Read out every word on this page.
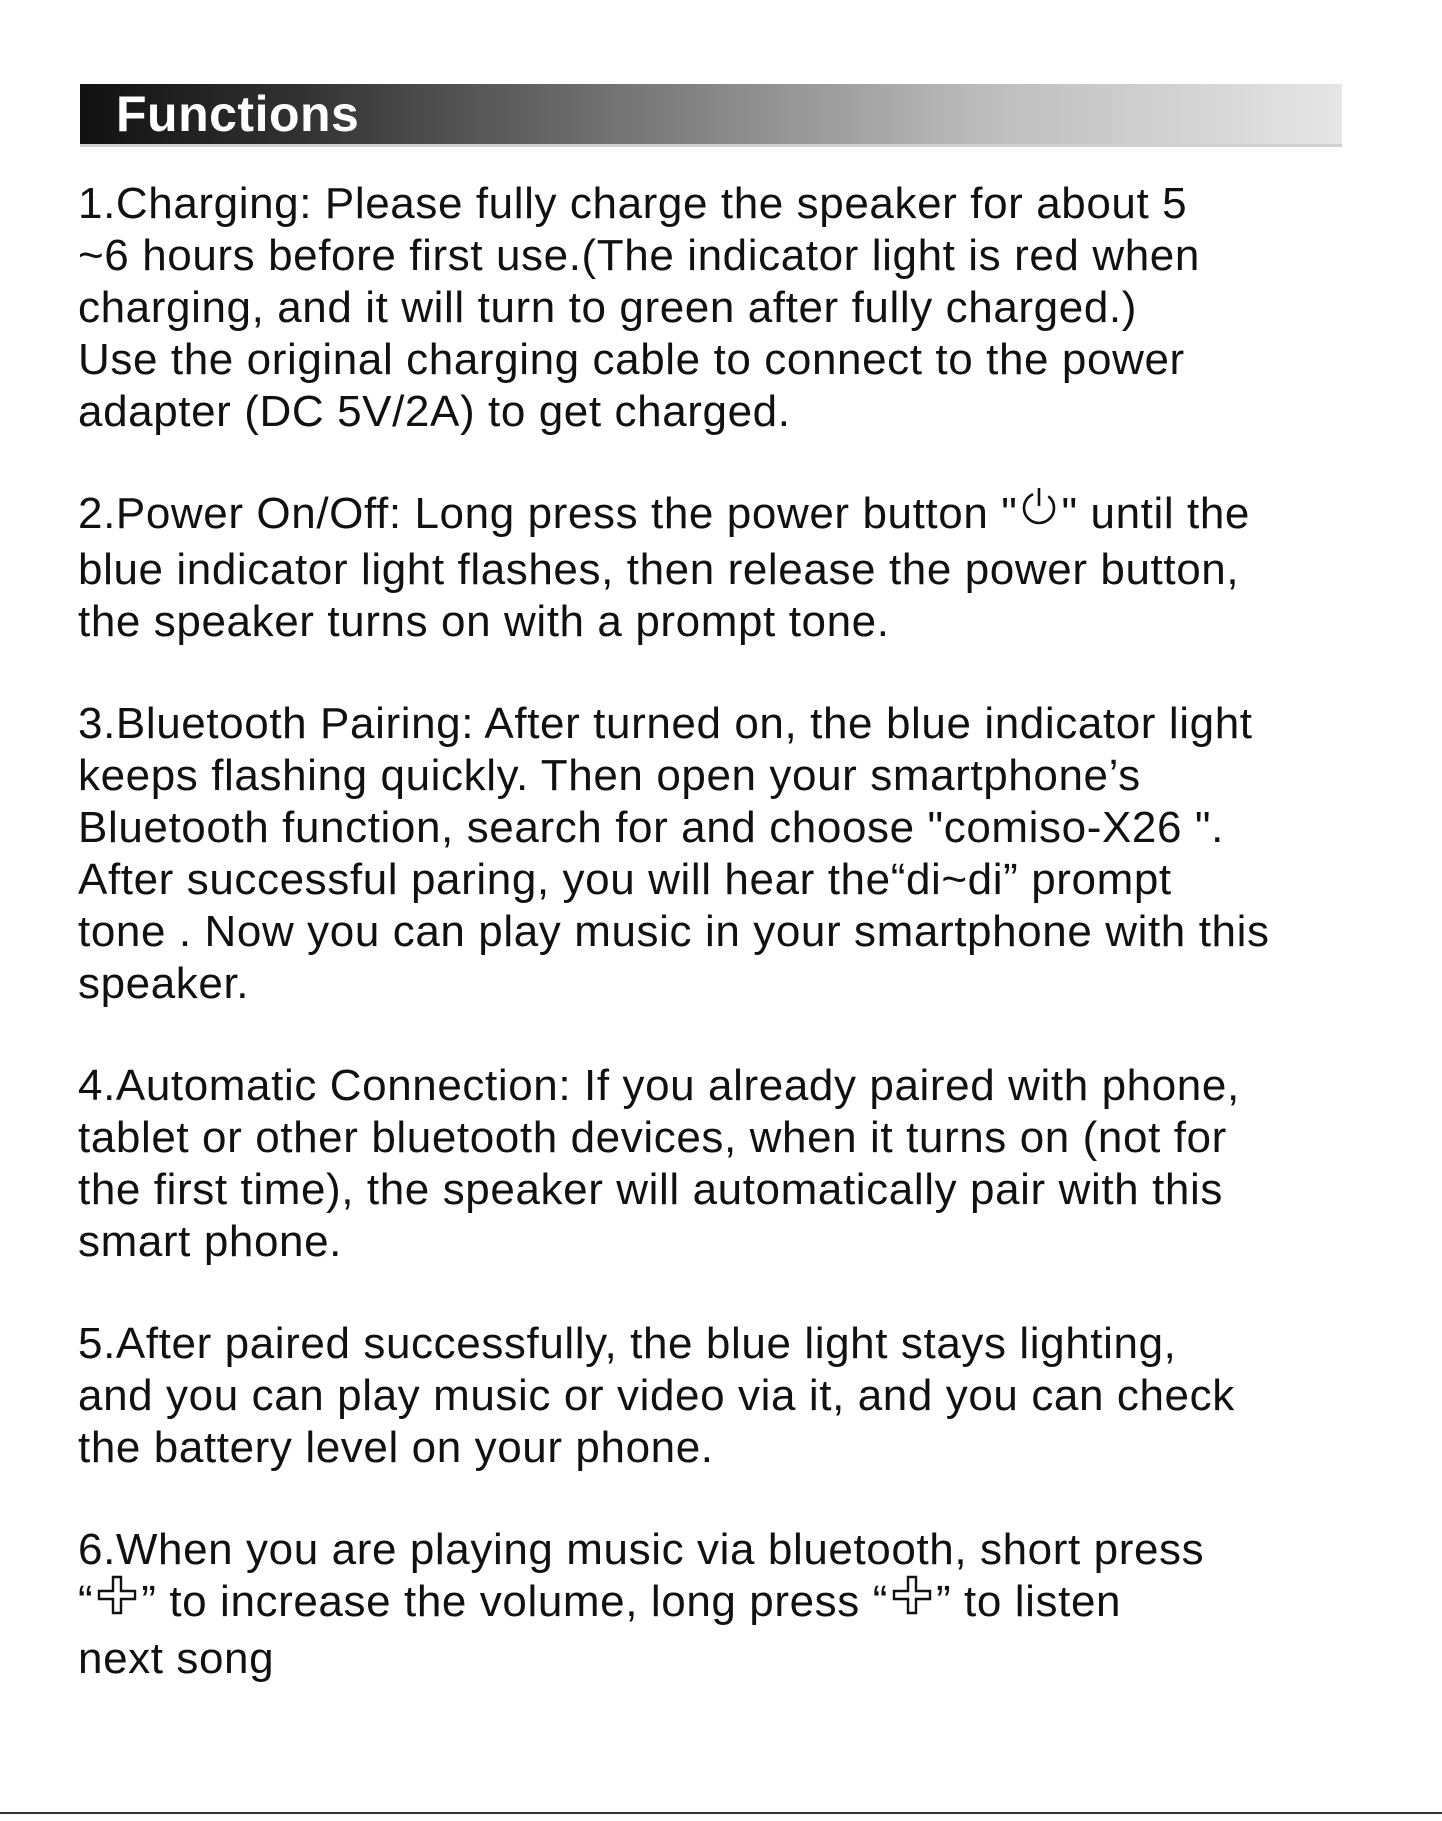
Functions
1.Charging: Please fully charge the speaker for about 5
~6 hours before first use.(The indicator light is red when
charging, and it will turn to green after fully charged.)
Use the original charging cable to connect to the power
adapter (DC 5V/2A) to get charged.
2.Power On/Off: Long press the power button " " until the
blue indicator light flashes, then release the power button,
the speaker turns on with a prompt tone.
3.Bluetooth Pairing: After turned on, the blue indicator light
keeps flashing quickly. Then open your smartphone’s
Bluetooth function, search for and choose "comiso-X26 ".
After successful paring, you will hear the“di~di” prompt
tone . Now you can play music in your smartphone with this
speaker.
4.Automatic Connection: If you already paired with phone,
tablet or other bluetooth devices, when it turns on (not for
the first time), the speaker will automatically pair with this
smart phone.
5.After paired successfully, the blue light stays lighting,
and you can play music or video via it, and you can check
the battery level on your phone.
6.When you are playing music via bluetooth, short press
“ ” to increase the volume, long press “ ” to listen
next song
